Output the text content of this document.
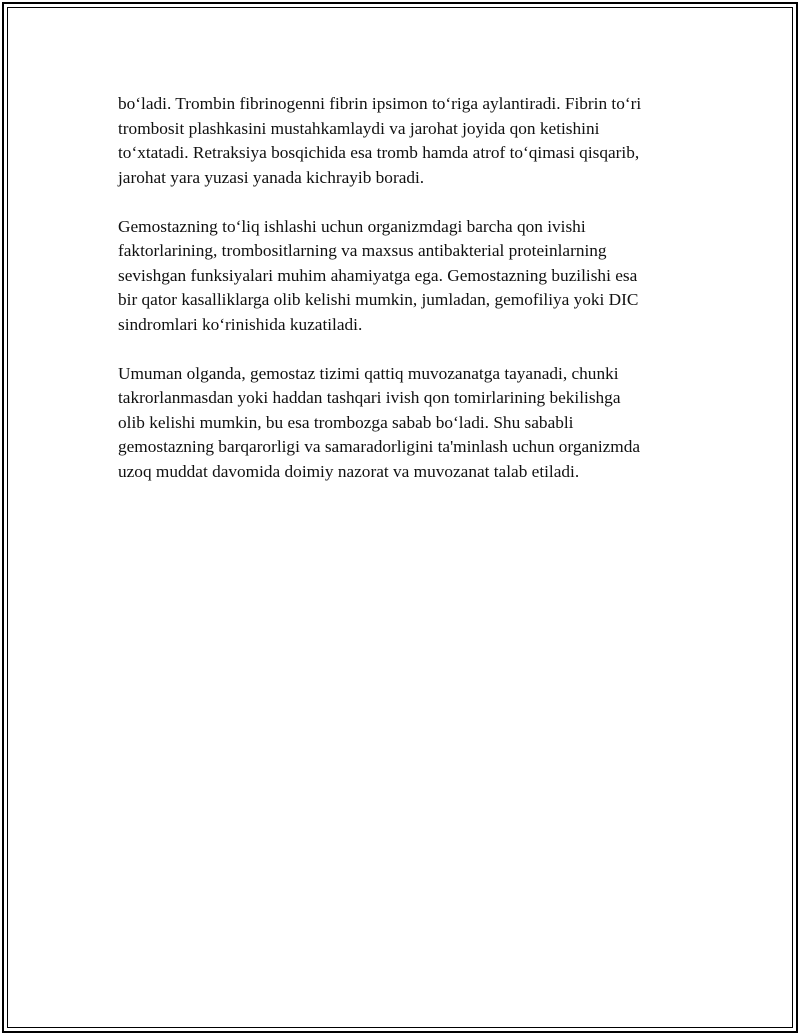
bo‘ladi. Trombin fibrinogenni fibrin ipsimon to‘riga aylantiradi. Fibrin to‘ri
trombosit plashkasini mustahkamlaydi va jarohat joyida qon ketishini
to‘xtatadi. Retraksiya bosqichida esa tromb hamda atrof to‘qimasi qisqarib,
jarohat yara yuzasi yanada kichrayib boradi.

Gemostazning to‘liq ishlashi uchun organizmdagi barcha qon ivishi
faktorlarining, trombositlarning va maxsus antibakterial proteinlarning
sevishgan funksiyalari muhim ahamiyatga ega. Gemostazning buzilishi esa
bir qator kasalliklarga olib kelishi mumkin, jumladan, gemofiliya yoki DIC
sindromlari ko‘rinishida kuzatiladi.

Umuman olganda, gemostaz tizimi qattiq muvozanatga tayanadi, chunki
takrorlanmasdan yoki haddan tashqari ivish qon tomirlarining bekilishga
olib kelishi mumkin, bu esa trombozga sabab bo‘ladi. Shu sababli
gemostazning barqarorligi va samaradorligini ta'minlash uchun organizmda
uzoq muddat davomida doimiy nazorat va muvozanat talab etiladi.
